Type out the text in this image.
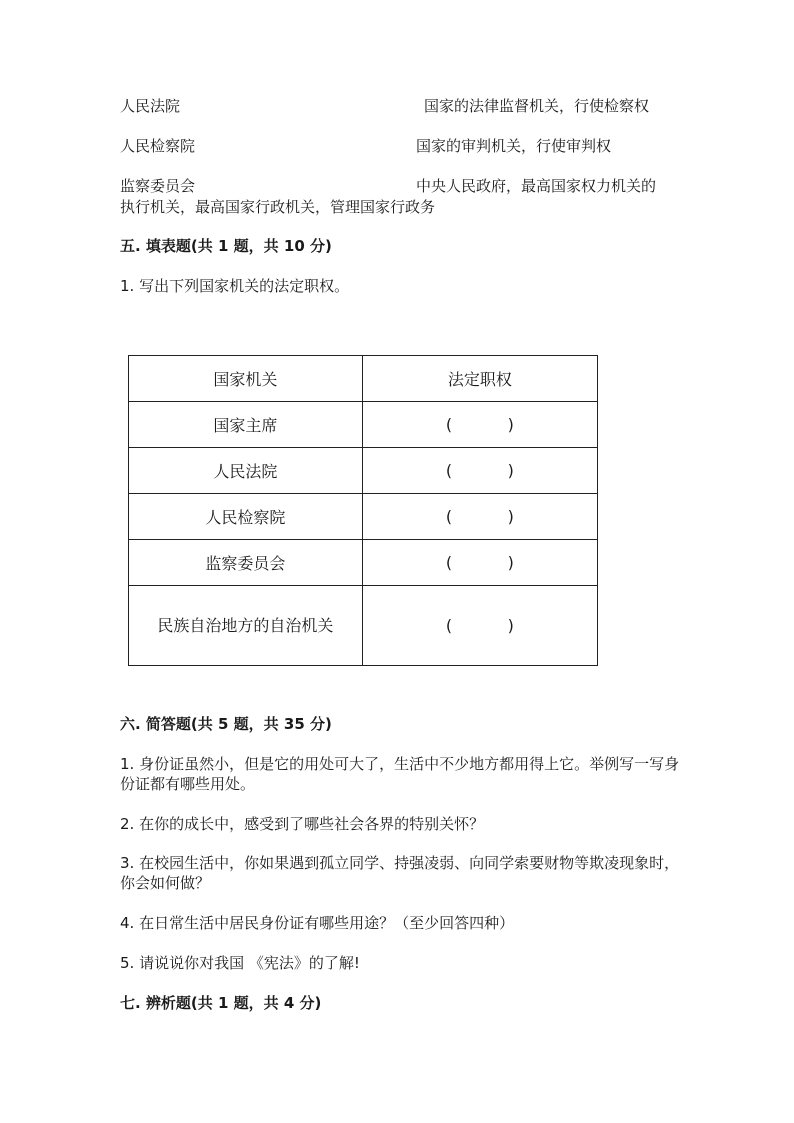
人民法院	国家的法律监督机关，行使检察权
人民检察院	国家的审判机关，行使审判权
监察委员会	中央人民政府，最高国家权力机关的
执行机关，最高国家行政机关，管理国家行政务
五. 填表题(共 1 题，共 10 分)
1. 写出下列国家机关的法定职权。
国家机关	法定职权
国家主席	( )

人民法院	( )

人民检察院	( )

监察委员会	( )

民族自治地方的自治机关	( )
六. 简答题(共 5 题，共 35 分)
1. 身份证虽然小，但是它的用处可大了，生活中不少地方都用得上它。举例写一写身份证都有哪些用处。
2. 在你的成长中，感受到了哪些社会各界的特别关怀？
3. 在校园生活中，你如果遇到孤立同学、持强凌弱、向同学索要财物等欺凌现象时，你会如何做？
4. 在日常生活中居民身份证有哪些用途？（至少回答四种）
5. 请说说你对我国 《宪法》的了解!
七. 辨析题(共 1 题，共 4 分)
